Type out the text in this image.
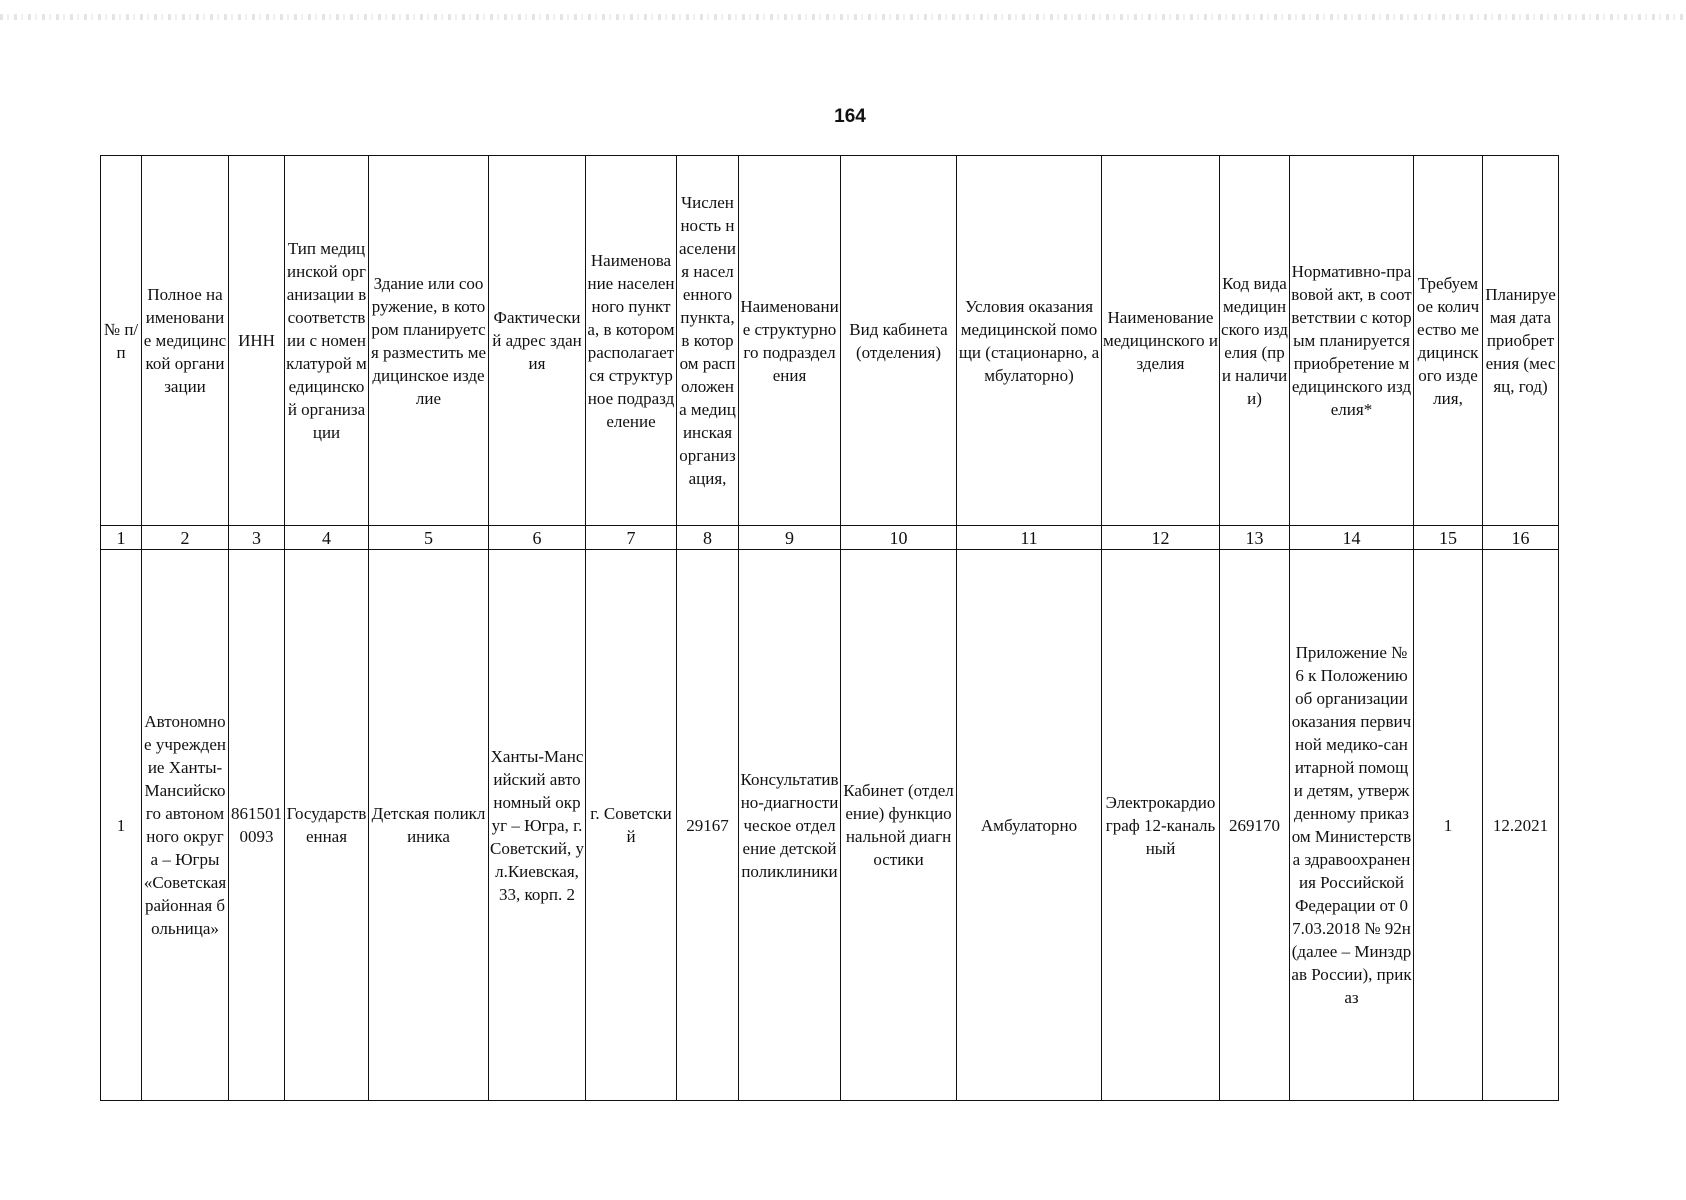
164
№ п/п	Полное наименование медицинской организации	ИНН	Тип медицинской организации в соответствии с номенклатурой медицинской организации	Здание или сооружение, в котором планируется разместить медицинское изделие	Фактический адрес здания	Наименование населенного пункта, в котором располагается структурное подразделение	Численность населения населенного пункта, в котором расположена медицинская организация,	Наименование структурного подразделения	Вид кабинета (отделения)	Условия оказания медицинской помощи (стационарно, амбулаторно)	Наименование медицинского изделия	Код вида медицинского изделия (при наличии)	Нормативно-правовой акт, в соответствии с которым планируется приобретение медицинского изделия*	Требуемое количество медицинского изделия,	Планируемая дата приобретения (месяц, год)
1	2	3	4	5	6	7	8	9	10	11	12	13	14	15	16
1	Автономное учреждение Ханты-Мансийского автономного округа – Югры «Советская районная больница»	8615010093	Государственная	Детская поликлиника	Ханты-Мансийский автономный округ – Югра, г. Советский, ул.Киевская, 33, корп. 2	г. Советский	29167	Консультативно-диагностическое отделение детской поликлиники	Кабинет (отделение) функциональной диагностики	Амбулаторно	Электрокардиограф 12-канальный	269170	Приложение № 6 к Положению об организации оказания первичной медико-санитарной помощи детям, утвержденному приказом Министерства здравоохранения Российской Федерации от 07.03.2018 № 92н (далее – Минздрав России), приказ	1	12.2021
